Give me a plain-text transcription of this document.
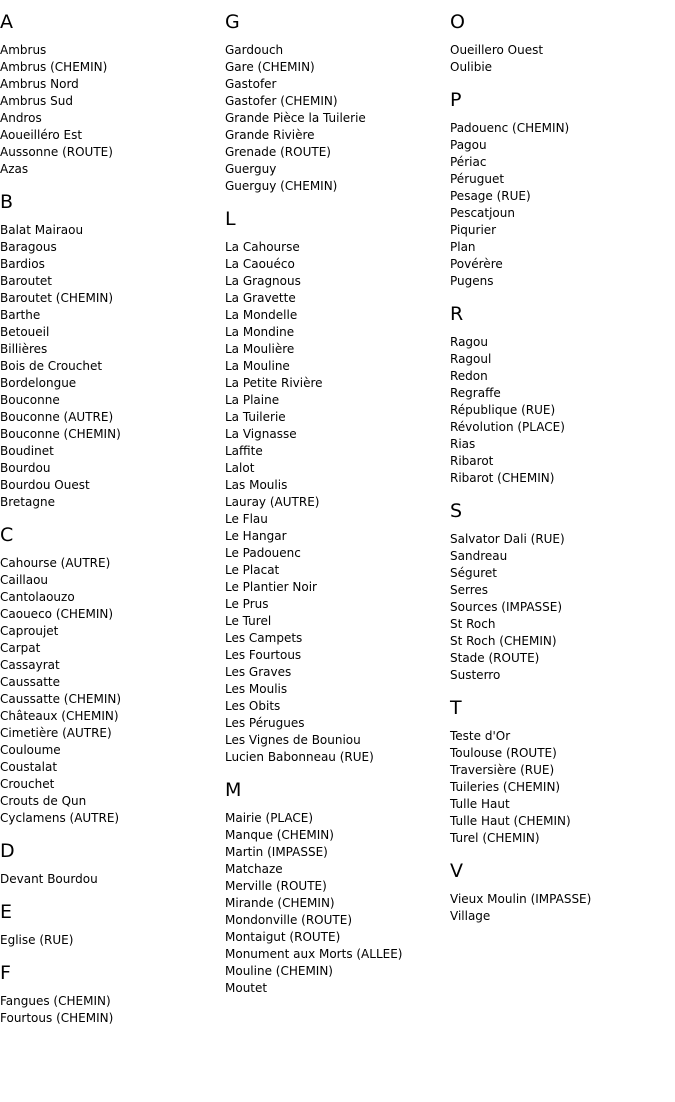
A
Ambrus
Ambrus (CHEMIN)
Ambrus Nord
Ambrus Sud
Andros
Aoueilléro Est
Aussonne (ROUTE)
Azas
B
Balat Mairaou
Baragous
Bardios
Baroutet
Baroutet (CHEMIN)
Barthe
Betoueil
Billières
Bois de Crouchet
Bordelongue
Bouconne
Bouconne (AUTRE)
Bouconne (CHEMIN)
Boudinet
Bourdou
Bourdou Ouest
Bretagne
C
Cahourse (AUTRE)
Caillaou
Cantolaouzo
Caoueco (CHEMIN)
Caproujet
Carpat
Cassayrat
Caussatte
Caussatte (CHEMIN)
Châteaux (CHEMIN)
Cimetière (AUTRE)
Couloume
Coustalat
Crouchet
Crouts de Qun
Cyclamens (AUTRE)
D
Devant Bourdou
E
Eglise (RUE)
F
Fangues (CHEMIN)
Fourtous (CHEMIN)
G
Gardouch
Gare (CHEMIN)
Gastofer
Gastofer (CHEMIN)
Grande Pièce la Tuilerie
Grande Rivière
Grenade (ROUTE)
Guerguy
Guerguy (CHEMIN)
L
La Cahourse
La Caouéco
La Gragnous
La Gravette
La Mondelle
La Mondine
La Moulière
La Mouline
La Petite Rivière
La Plaine
La Tuilerie
La Vignasse
Laffite
Lalot
Las Moulis
Lauray (AUTRE)
Le Flau
Le Hangar
Le Padouenc
Le Placat
Le Plantier Noir
Le Prus
Le Turel
Les Campets
Les Fourtous
Les Graves
Les Moulis
Les Obits
Les Pérugues
Les Vignes de Bouniou
Lucien Babonneau (RUE)
M
Mairie (PLACE)
Manque (CHEMIN)
Martin (IMPASSE)
Matchaze
Merville (ROUTE)
Mirande (CHEMIN)
Mondonville (ROUTE)
Montaigut (ROUTE)
Monument aux Morts (ALLEE)
Mouline (CHEMIN)
Moutet
O
Oueillero Ouest
Oulibie
P
Padouenc (CHEMIN)
Pagou
Périac
Péruguet
Pesage (RUE)
Pescatjoun
Piqurier
Plan
Povérère
Pugens
R
Ragou
Ragoul
Redon
Regraffe
République (RUE)
Révolution (PLACE)
Rias
Ribarot
Ribarot (CHEMIN)
S
Salvator Dali (RUE)
Sandreau
Séguret
Serres
Sources (IMPASSE)
St Roch
St Roch (CHEMIN)
Stade (ROUTE)
Susterro
T
Teste d'Or
Toulouse (ROUTE)
Traversière (RUE)
Tuileries (CHEMIN)
Tulle Haut
Tulle Haut (CHEMIN)
Turel (CHEMIN)
V
Vieux Moulin (IMPASSE)
Village
